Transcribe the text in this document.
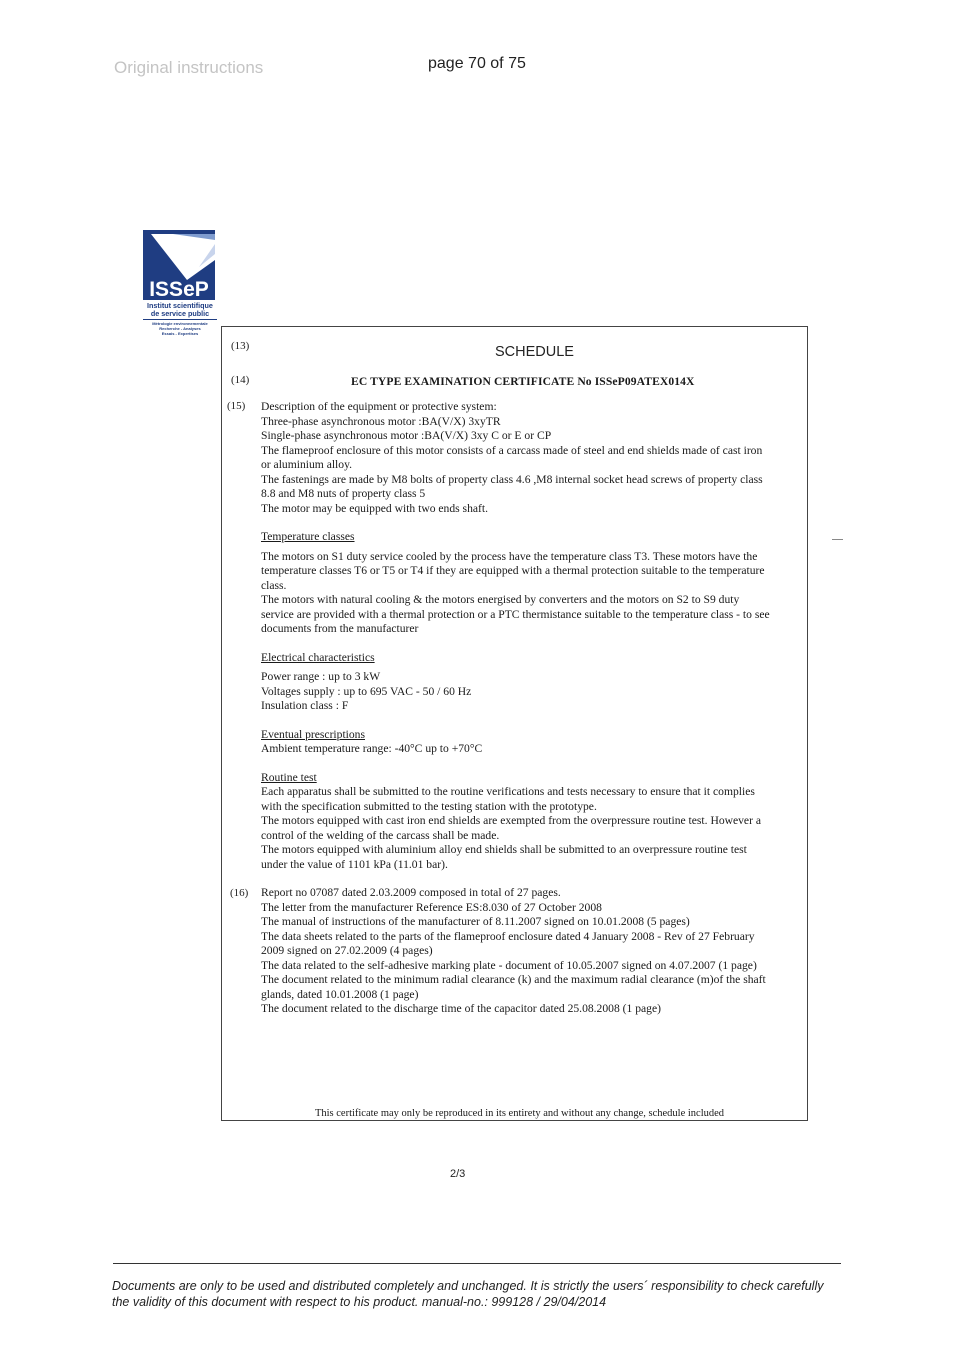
Original instructions	page 70 of 75
ISSeP
Institut scientifique
de service public
Métrologie environnementale
Recherche - Analyses
Essais - Expertises
(13)	SCHEDULE
(14)	EC TYPE EXAMINATION CERTIFICATE No ISSeP09ATEX014X
(15)
(16)

Description of the equipment or protective system:

Three-phase asynchronous motor :BA(V/X) 3xyTR

Single-phase asynchronous motor :BA(V/X) 3xy C or E or CP

The flameproof enclosure of this motor consists of a carcass made of steel and end shields made of cast iron

or aluminium alloy.

The fastenings are made by M8 bolts of property class 4.6 ,M8 internal socket head screws of property class

8.8 and M8 nuts of property class 5

The motor may be equipped with two ends shaft.

Temperature classes

The motors on S1 duty service cooled by the process have the temperature class T3. These motors have the

temperature classes T6 or T5 or T4 if they are equipped with a thermal protection suitable to the temperature

class.

The motors with natural cooling & the motors energised by converters and the motors on S2 to S9 duty

service are provided with a thermal protection or a PTC thermistance suitable to the temperature class - to see

documents from the manufacturer

Electrical characteristics

Power range : up to 3 kW

Voltages supply : up to 695 VAC - 50 / 60 Hz

Insulation class : F

Eventual prescriptions

Ambient temperature range: -40°C up to +70°C

Routine test

Each apparatus shall be submitted to the routine verifications and tests necessary to ensure that it complies

with the specification submitted to the testing station with the prototype.

The motors equipped with cast iron end shields are exempted from the overpressure routine test. However a

control of the welding of the carcass shall be made.

The motors equipped with aluminium alloy end shields shall be submitted to an overpressure routine test

under the value of 1101 kPa (11.01 bar).

Report no 07087 dated 2.03.2009 composed in total of 27 pages.

The letter from the manufacturer Reference ES:8.030 of 27 October 2008

The manual of instructions of the manufacturer of 8.11.2007 signed on 10.01.2008 (5 pages)

The data sheets related to the parts of the flameproof enclosure dated 4 January 2008 - Rev of 27 February

2009 signed on 27.02.2009 (4 pages)

The data related to the self-adhesive marking plate - document of 10.05.2007 signed on 4.07.2007 (1 page)

The document related to the minimum radial clearance (k) and the maximum radial clearance (m)of the shaft

glands, dated 10.01.2008 (1 page)

The document related to the discharge time of the capacitor dated 25.08.2008 (1 page)

This certificate may only be reproduced in its entirety and without any change, schedule included
2/3
Documents are only to be used and distributed completely and unchanged. It is strictly the users´ responsibility to check carefully
the validity of this document with respect to his product. manual-no.: 999128 / 29/04/2014
